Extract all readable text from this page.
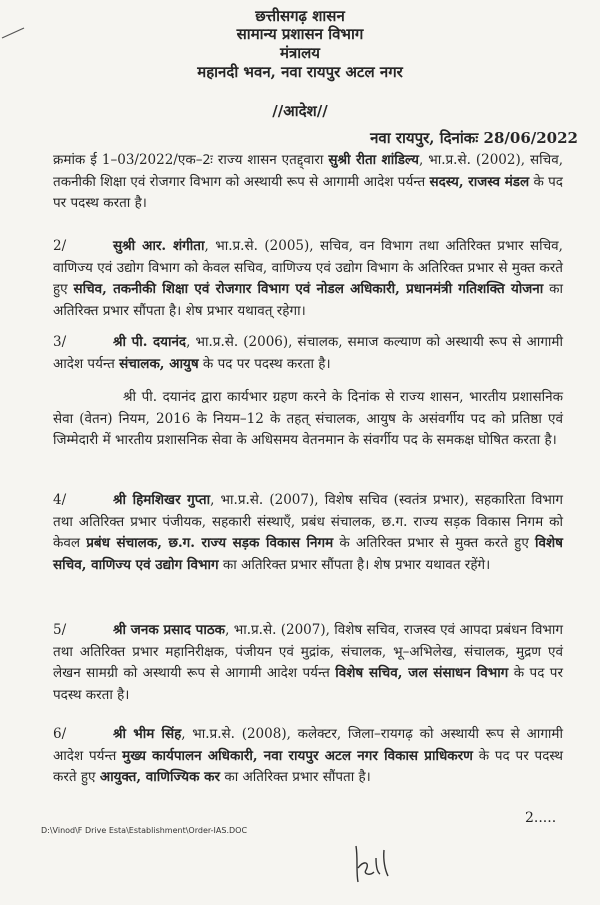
छत्तीसगढ़ शासन
सामान्य प्रशासन विभाग
मंत्रालय
महानदी भवन, नवा रायपुर अटल नगर
//आदेश//
नवा रायपुर, दिनांकः 28/06/2022
क्रमांक ई 1–03/2022/एक–2ः राज्य शासन एतद्द्वारा सुश्री रीता शांडिल्य, भा.प्र.से. (2002), सचिव, तकनीकी शिक्षा एवं रोजगार विभाग को अस्थायी रूप से आगामी आदेश पर्यन्त सदस्य, राजस्व मंडल के पद पर पदस्थ करता है।
2/	सुश्री आर. शंगीता, भा.प्र.से. (2005), सचिव, वन विभाग तथा अतिरिक्त प्रभार सचिव, वाणिज्य एवं उद्योग विभाग को केवल सचिव, वाणिज्य एवं उद्योग विभाग के अतिरिक्त प्रभार से मुक्त करते हुए सचिव, तकनीकी शिक्षा एवं रोजगार विभाग एवं नोडल अधिकारी, प्रधानमंत्री गतिशक्ति योजना का अतिरिक्त प्रभार सौंपता है। शेष प्रभार यथावत् रहेगा।
3/	श्री पी. दयानंद, भा.प्र.से. (2006), संचालक, समाज कल्याण को अस्थायी रूप से आगामी आदेश पर्यन्त संचालक, आयुष के पद पर पदस्थ करता है।
श्री पी. दयानंद द्वारा कार्यभार ग्रहण करने के दिनांक से राज्य शासन, भारतीय प्रशासनिक सेवा (वेतन) नियम, 2016 के नियम–12 के तहत् संचालक, आयुष के असंवर्गीय पद को प्रतिष्ठा एवं जिम्मेदारी में भारतीय प्रशासनिक सेवा के अधिसमय वेतनमान के संवर्गीय पद के समकक्ष घोषित करता है।
4/	श्री हिमशिखर गुप्ता, भा.प्र.से. (2007), विशेष सचिव (स्वतंत्र प्रभार), सहकारिता विभाग तथा अतिरिक्त प्रभार पंजीयक, सहकारी संस्थाएँ, प्रबंध संचालक, छ.ग. राज्य सड़क विकास निगम को केवल प्रबंध संचालक, छ.ग. राज्य सड़क विकास निगम के अतिरिक्त प्रभार से मुक्त करते हुए विशेष सचिव, वाणिज्य एवं उद्योग विभाग का अतिरिक्त प्रभार सौंपता है। शेष प्रभार यथावत रहेंगे।
5/	श्री जनक प्रसाद पाठक, भा.प्र.से. (2007), विशेष सचिव, राजस्व एवं आपदा प्रबंधन विभाग तथा अतिरिक्त प्रभार महानिरीक्षक, पंजीयन एवं मुद्रांक, संचालक, भू–अभिलेख, संचालक, मुद्रण एवं लेखन सामग्री को अस्थायी रूप से आगामी आदेश पर्यन्त विशेष सचिव, जल संसाधन विभाग के पद पर पदस्थ करता है।
6/	श्री भीम सिंह, भा.प्र.से. (2008), कलेक्टर, जिला–रायगढ़ को अस्थायी रूप से आगामी आदेश पर्यन्त मुख्य कार्यपालन अधिकारी, नवा रायपुर अटल नगर विकास प्राधिकरण के पद पर पदस्थ करते हुए आयुक्त, वाणिज्यिक कर का अतिरिक्त प्रभार सौंपता है।
2.....
D:\Vinod\F Drive Esta\Establishment\Order-IAS.DOC
